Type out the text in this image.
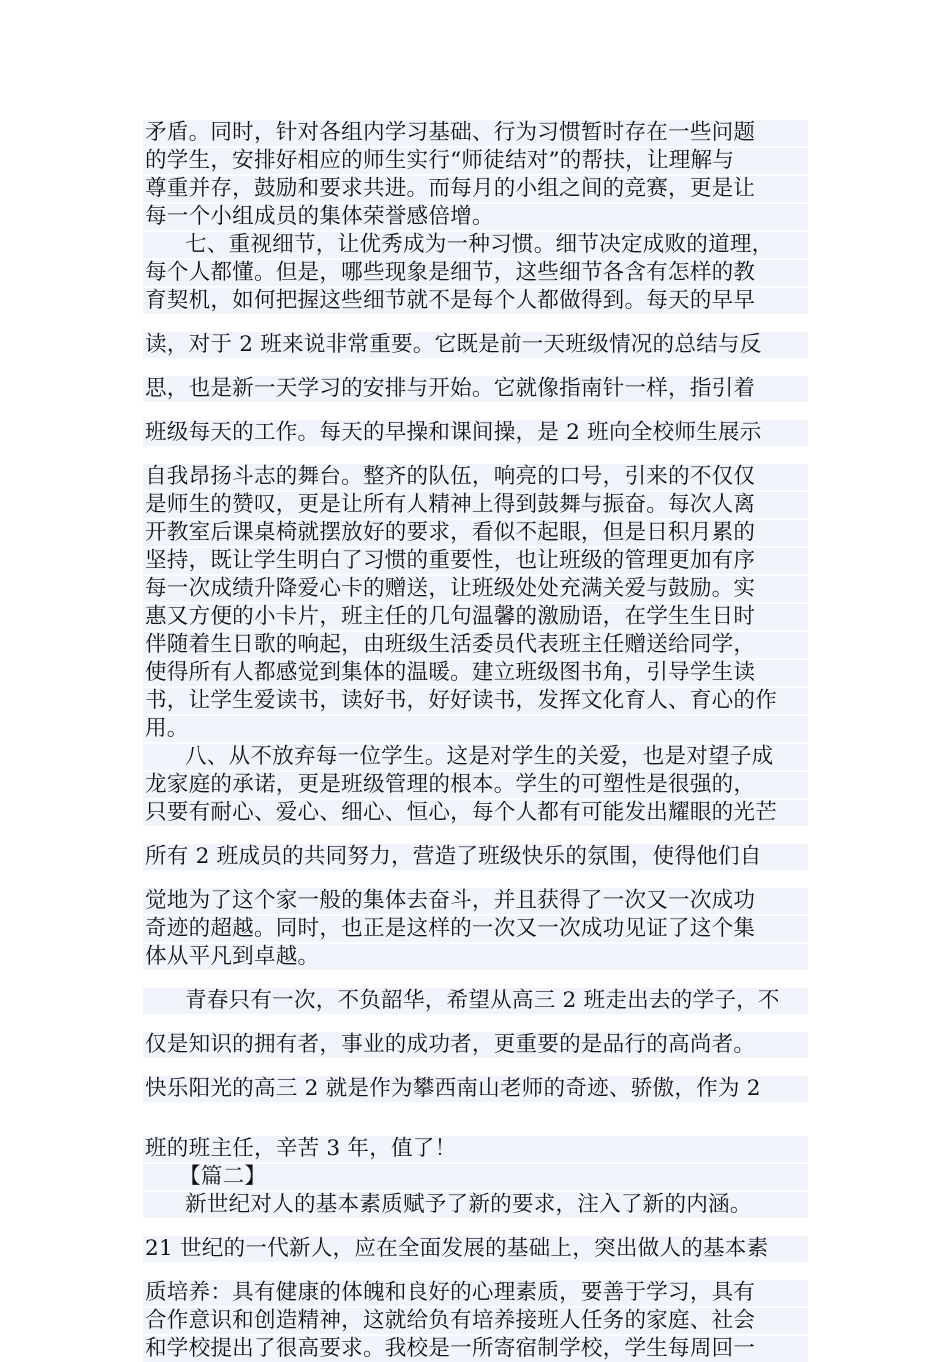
矛盾。同时，针对各组内学习基础、行为习惯暂时存在一些问题
的学生，安排好相应的师生实行“师徒结对”的帮扶，让理解与
尊重并存，鼓励和要求共进。而每月的小组之间的竞赛，更是让
每一个小组成员的集体荣誉感倍增。
七、重视细节，让优秀成为一种习惯。细节决定成败的道理，
每个人都懂。但是，哪些现象是细节，这些细节各含有怎样的教
育契机，如何把握这些细节就不是每个人都做得到。每天的早早
读，对于 2 班来说非常重要。它既是前一天班级情况的总结与反
思，也是新一天学习的安排与开始。它就像指南针一样，指引着
班级每天的工作。每天的早操和课间操，是 2 班向全校师生展示
自我昂扬斗志的舞台。整齐的队伍，响亮的口号，引来的不仅仅
是师生的赞叹，更是让所有人精神上得到鼓舞与振奋。每次人离
开教室后课桌椅就摆放好的要求，看似不起眼，但是日积月累的
坚持，既让学生明白了习惯的重要性，也让班级的管理更加有序
每一次成绩升降爱心卡的赠送，让班级处处充满关爱与鼓励。实
惠又方便的小卡片，班主任的几句温馨的激励语，在学生生日时
伴随着生日歌的响起，由班级生活委员代表班主任赠送给同学，
使得所有人都感觉到集体的温暖。建立班级图书角，引导学生读
书，让学生爱读书，读好书，好好读书，发挥文化育人、育心的作
用。
八、从不放弃每一位学生。这是对学生的关爱，也是对望子成
龙家庭的承诺，更是班级管理的根本。学生的可塑性是很强的，
只要有耐心、爱心、细心、恒心，每个人都有可能发出耀眼的光芒
所有 2 班成员的共同努力，营造了班级快乐的氛围，使得他们自
觉地为了这个家一般的集体去奋斗，并且获得了一次又一次成功
奇迹的超越。同时，也正是这样的一次又一次成功见证了这个集
体从平凡到卓越。
青春只有一次，不负韶华，希望从高三 2 班走出去的学子，不
仅是知识的拥有者，事业的成功者，更重要的是品行的高尚者。
快乐阳光的高三 2 就是作为攀西南山老师的奇迹、骄傲，作为 2
班的班主任，辛苦 3 年，值了！
【篇二】
新世纪对人的基本素质赋予了新的要求，注入了新的内涵。
21 世纪的一代新人，应在全面发展的基础上，突出做人的基本素
质培养：具有健康的体魄和良好的心理素质，要善于学习，具有
合作意识和创造精神，这就给负有培养接班人任务的家庭、社会
和学校提出了很高要求。我校是一所寄宿制学校，学生每周回一
